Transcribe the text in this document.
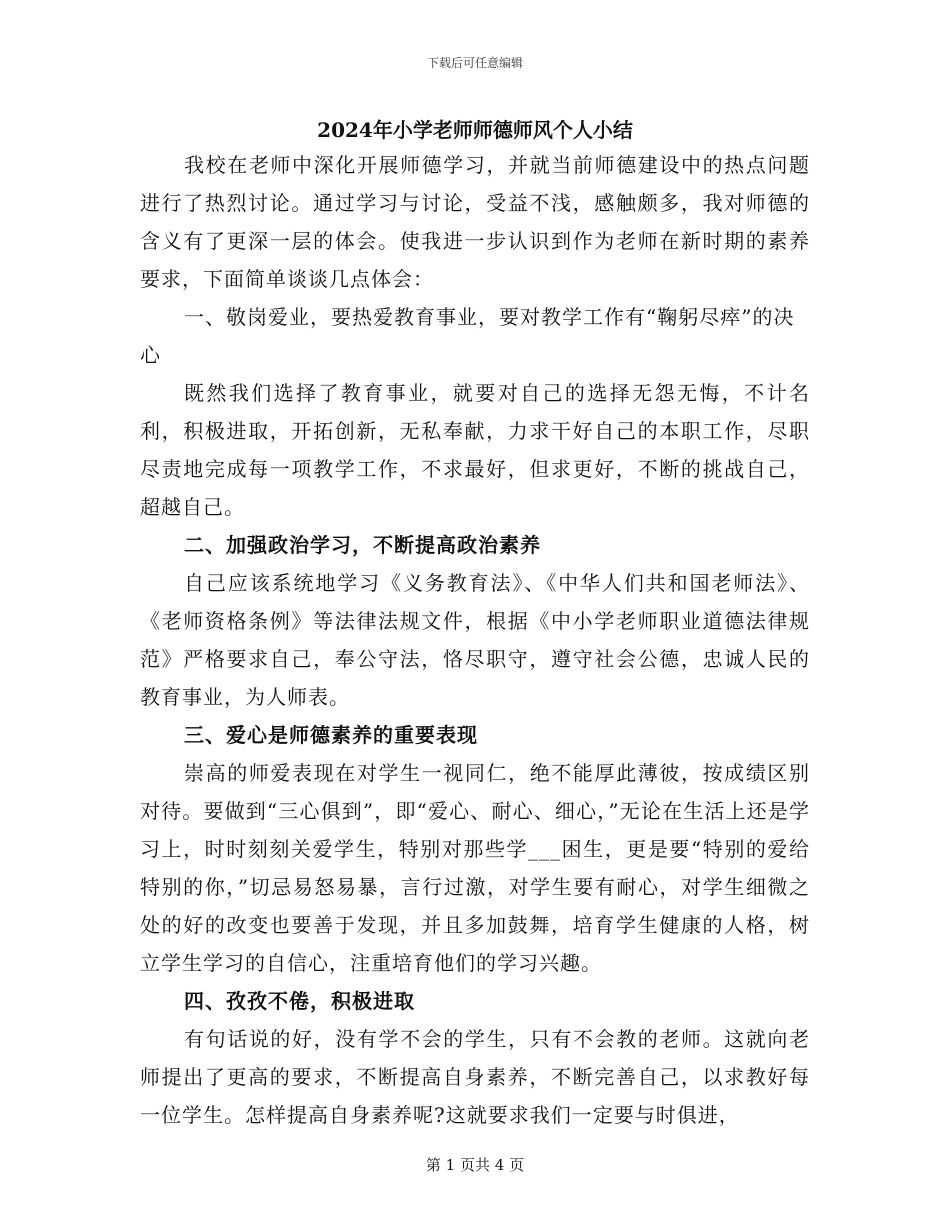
下载后可任意编辑
2024年小学老师师德师风个人小结

我校在老师中深化开展师德学习，并就当前师德建设中的热点问题进行了热烈讨论。通过学习与讨论，受益不浅，感触颇多，我对师德的含义有了更深一层的体会。使我进一步认识到作为老师在新时期的素养要求，下面简单谈谈几点体会：

一、敬岗爱业，要热爱教育事业，要对教学工作有“鞠躬尽瘁”的决心

既然我们选择了教育事业，就要对自己的选择无怨无悔，不计名利，积极进取，开拓创新，无私奉献，力求干好自己的本职工作，尽职尽责地完成每一项教学工作，不求最好，但求更好，不断的挑战自己，超越自己。

二、加强政治学习，不断提高政治素养

自己应该系统地学习《义务教育法》、《中华人们共和国老师法》、《老师资格条例》等法律法规文件，根据《中小学老师职业道德法律规范》严格要求自己，奉公守法，恪尽职守，遵守社会公德，忠诚人民的教育事业，为人师表。

三、爱心是师德素养的重要表现

崇高的师爱表现在对学生一视同仁，绝不能厚此薄彼，按成绩区别对待。要做到“三心俱到”，即“爱心、耐心、细心，”无论在生活上还是学习上，时时刻刻关爱学生，特别对那些学___困生，更是要“特别的爱给特别的你，”切忌易怒易暴，言行过激，对学生要有耐心，对学生细微之处的好的改变也要善于发现，并且多加鼓舞，培育学生健康的人格，树立学生学习的自信心，注重培育他们的学习兴趣。

四、孜孜不倦，积极进取

有句话说的好，没有学不会的学生，只有不会教的老师。这就向老师提出了更高的要求，不断提高自身素养，不断完善自己，以求教好每一位学生。怎样提高自身素养呢?这就要求我们一定要与时俱进，

第 1 页共 4 页
